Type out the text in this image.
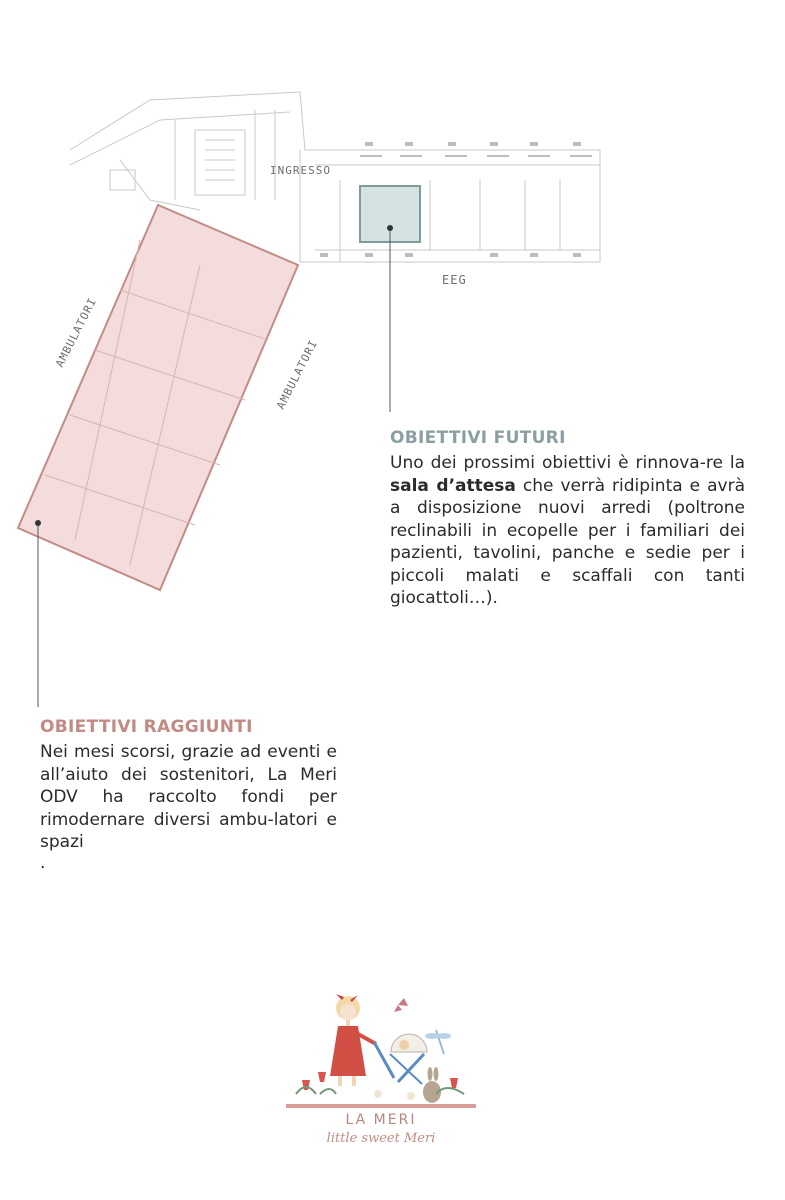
INGRESSO
EEG
AMBULATORI
AMBULATORI
OBIETTIVI FUTURI

Uno dei prossimi obiettivi è rinnova-re la sala d’attesa che verrà ridipinta e avrà a disposizione nuovi arredi (poltrone reclinabili in ecopelle per i familiari dei pazienti, tavolini, panche e sedie per i piccoli malati e scaffali con tanti giocattoli…).

OBIETTIVI RAGGIUNTI

Nei mesi scorsi, grazie ad eventi e all’aiuto dei sostenitori, La Meri ODV ha raccolto fondi per rimodernare diversi ambu-latori e spazi

.
LA MERI
little sweet Meri
